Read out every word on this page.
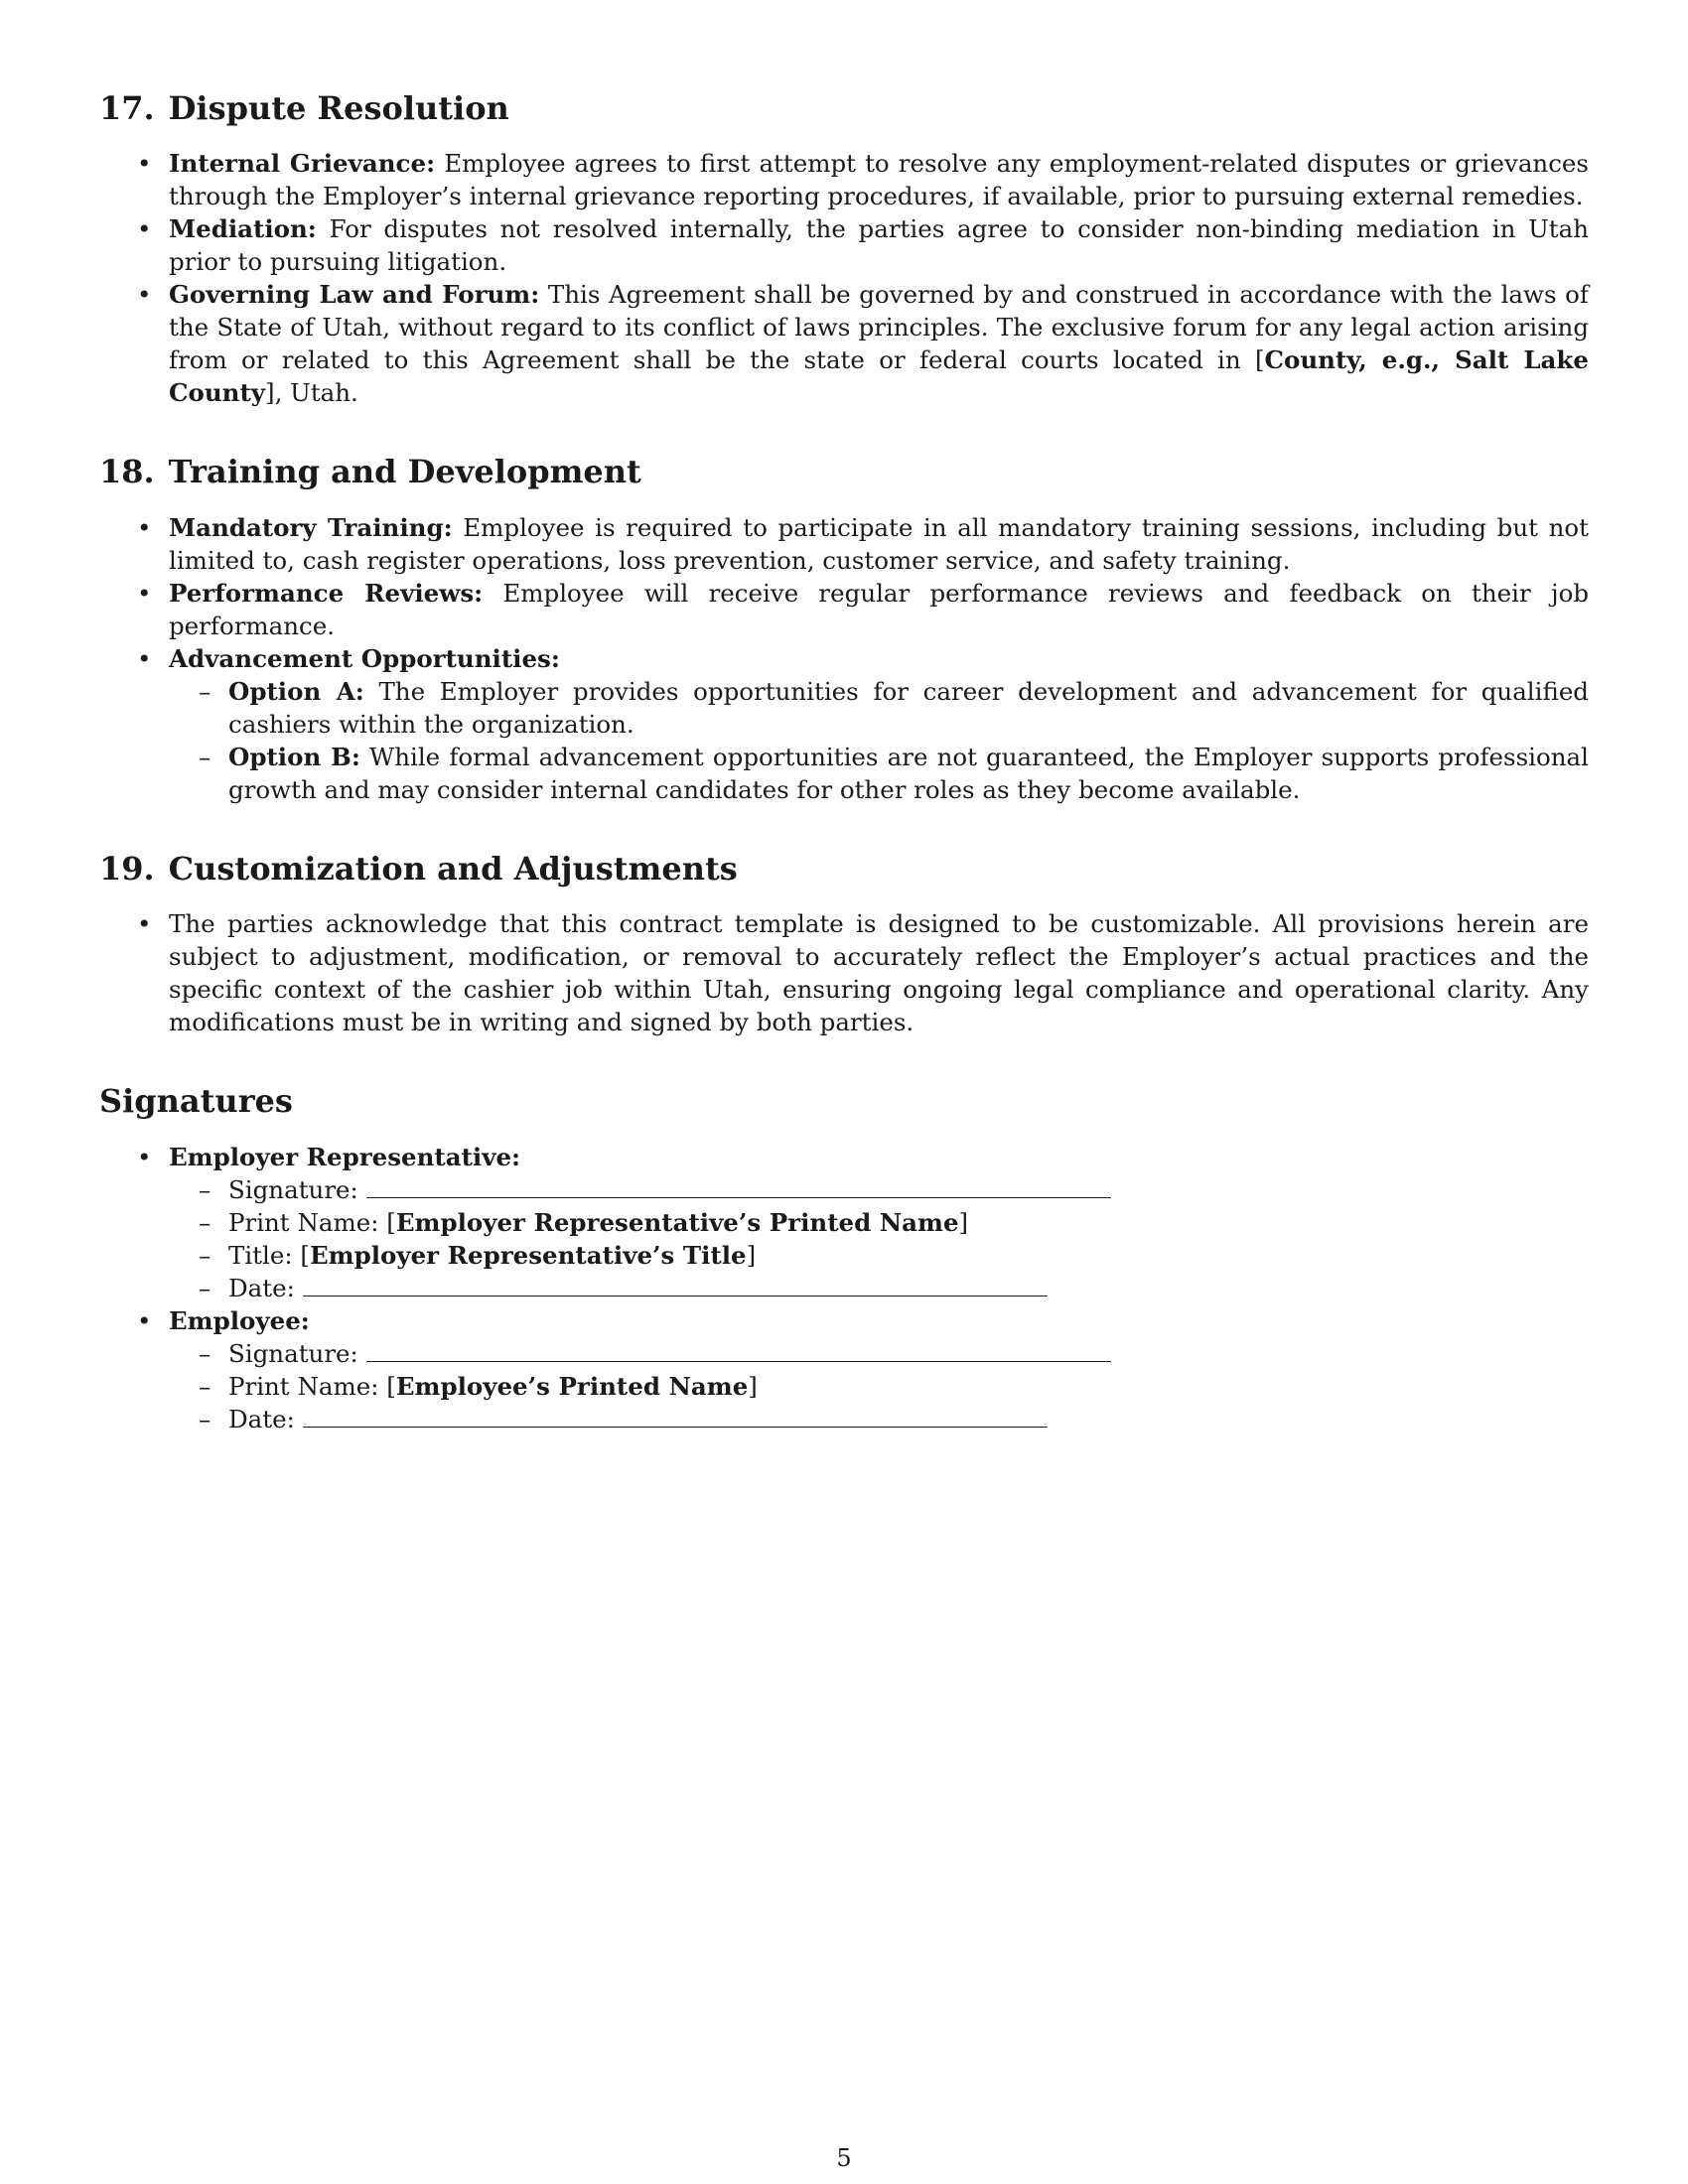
17. Dispute Resolution
• Internal Grievance: Employee agrees to first attempt to resolve any employment-related disputes or grievances through the Employer’s internal grievance reporting procedures, if available, prior to pursuing external remedies.
• Mediation: For disputes not resolved internally, the parties agree to consider non-binding mediation in Utah prior to pursuing litigation.
• Governing Law and Forum: This Agreement shall be governed by and construed in accordance with the laws of the State of Utah, without regard to its conflict of laws principles. The exclusive forum for any legal action arising from or related to this Agreement shall be the state or federal courts located in [County, e.g., Salt Lake County], Utah.
18. Training and Development
• Mandatory Training: Employee is required to participate in all mandatory training sessions, including but not limited to, cash register operations, loss prevention, customer service, and safety training.
• Performance Reviews: Employee will receive regular performance reviews and feedback on their job performance.
• Advancement Opportunities:
– Option A: The Employer provides opportunities for career development and advancement for qualified cashiers within the organization.
– Option B: While formal advancement opportunities are not guaranteed, the Employer supports professional growth and may consider internal candidates for other roles as they become available.
19. Customization and Adjustments
• The parties acknowledge that this contract template is designed to be customizable. All provisions herein are subject to adjustment, modification, or removal to accurately reflect the Employer’s actual practices and the specific context of the cashier job within Utah, ensuring ongoing legal compliance and operational clarity. Any modifications must be in writing and signed by both parties.
Signatures
• Employer Representative:
– Signature:
– Print Name: [Employer Representative’s Printed Name]
– Title: [Employer Representative’s Title]
– Date:
• Employee:
– Signature:
– Print Name: [Employee’s Printed Name]
– Date:
5
